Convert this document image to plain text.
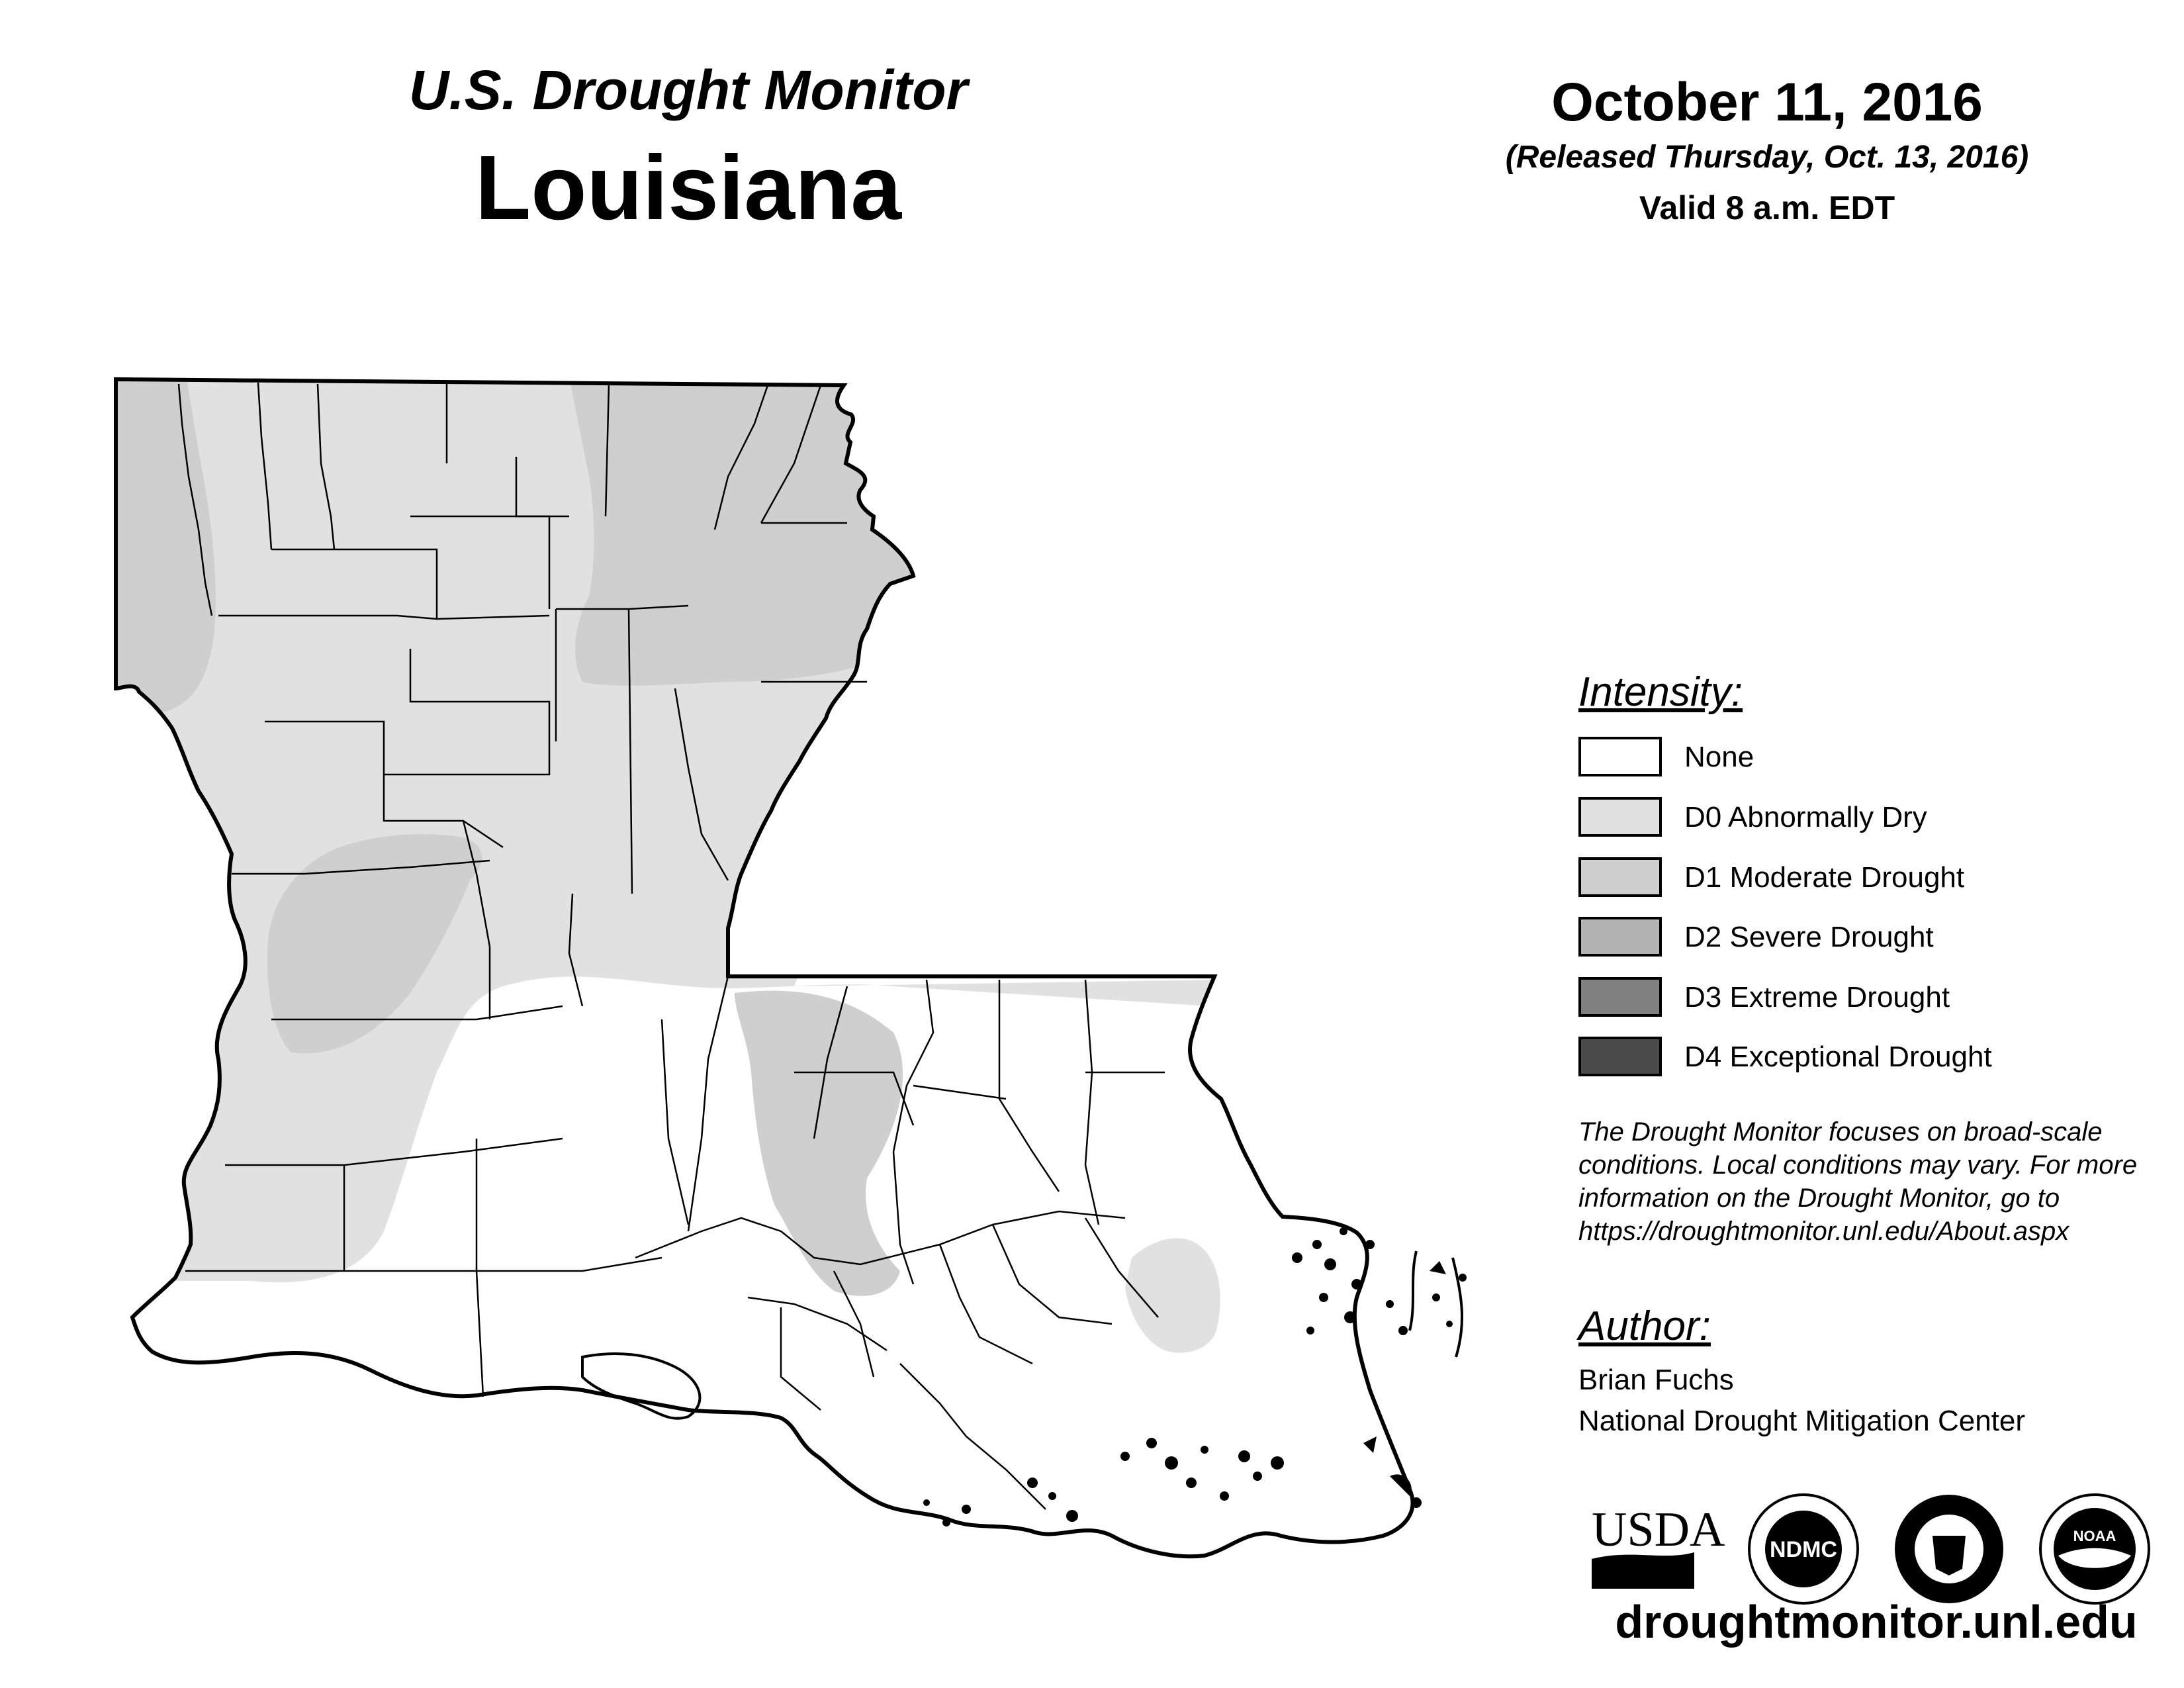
U.S. Drought Monitor
Louisiana
October 11, 2016
(Released Thursday, Oct. 13, 2016)
Valid 8 a.m. EDT
Intensity:
None
D0 Abnormally Dry
D1 Moderate Drought
D2 Severe Drought
D3 Extreme Drought
D4 Exceptional Drought
The Drought Monitor focuses on broad-scale
conditions. Local conditions may vary. For more
information on the Drought Monitor, go to
https://droughtmonitor.unl.edu/About.aspx
Author:
Brian Fuchs
National Drought Mitigation Center
USDA NDMC
NOAA
droughtmonitor.unl.edu
